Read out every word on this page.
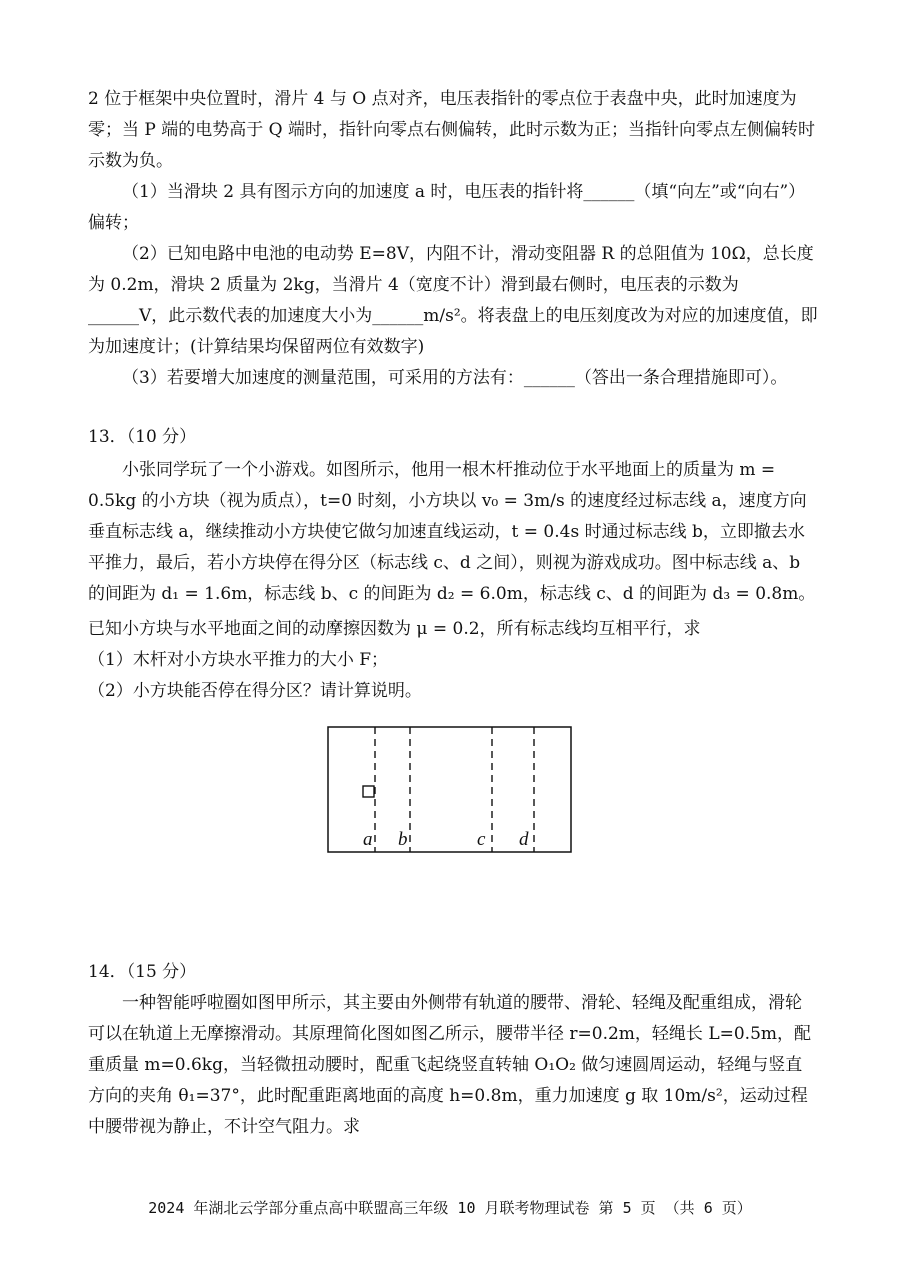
2 位于框架中央位置时，滑片 4 与 O 点对齐，电压表指针的零点位于表盘中央，此时加速度为零；当 P 端的电势高于 Q 端时，指针向零点右侧偏转，此时示数为正；当指针向零点左侧偏转时示数为负。

（1）当滑块 2 具有图示方向的加速度 a 时，电压表的指针将______（填“向左”或“向右”）偏转；

（2）已知电路中电池的电动势 E=8V，内阻不计，滑动变阻器 R 的总阻值为 10Ω，总长度为 0.2m，滑块 2 质量为 2kg，当滑片 4（宽度不计）滑到最右侧时，电压表的示数为______V，此示数代表的加速度大小为______m/s²。将表盘上的电压刻度改为对应的加速度值，即为加速度计；(计算结果均保留两位有效数字)

（3）若要增大加速度的测量范围，可采用的方法有：______（答出一条合理措施即可）。

13．（10 分）

小张同学玩了一个小游戏。如图所示，他用一根木杆推动位于水平地面上的质量为 m = 0.5kg 的小方块（视为质点），t=0 时刻，小方块以 v₀ = 3m/s 的速度经过标志线 a，速度方向垂直标志线 a，继续推动小方块使它做匀加速直线运动，t = 0.4s 时通过标志线 b，立即撤去水平推力，最后，若小方块停在得分区（标志线 c、d 之间），则视为游戏成功。图中标志线 a、b 的间距为 d₁ = 1.6m，标志线 b、c 的间距为 d₂ = 6.0m，标志线 c、d 的间距为 d₃ = 0.8m。

已知小方块与水平地面之间的动摩擦因数为 μ = 0.2，所有标志线均互相平行，求

（1）木杆对小方块水平推力的大小 F；

（2）小方块能否停在得分区？请计算说明。

a b	c d

14．（15 分）

一种智能呼啦圈如图甲所示，其主要由外侧带有轨道的腰带、滑轮、轻绳及配重组成，滑轮可以在轨道上无摩擦滑动。其原理简化图如图乙所示，腰带半径 r=0.2m，轻绳长 L=0.5m，配重质量 m=0.6kg，当轻微扭动腰时，配重飞起绕竖直转轴 O₁O₂ 做匀速圆周运动，轻绳与竖直方向的夹角 θ₁=37°，此时配重距离地面的高度 h=0.8m，重力加速度 g 取 10m/s²，运动过程中腰带视为静止，不计空气阻力。求

2024 年湖北云学部分重点高中联盟高三年级 10 月联考物理试卷 第 5 页 （共 6 页）
